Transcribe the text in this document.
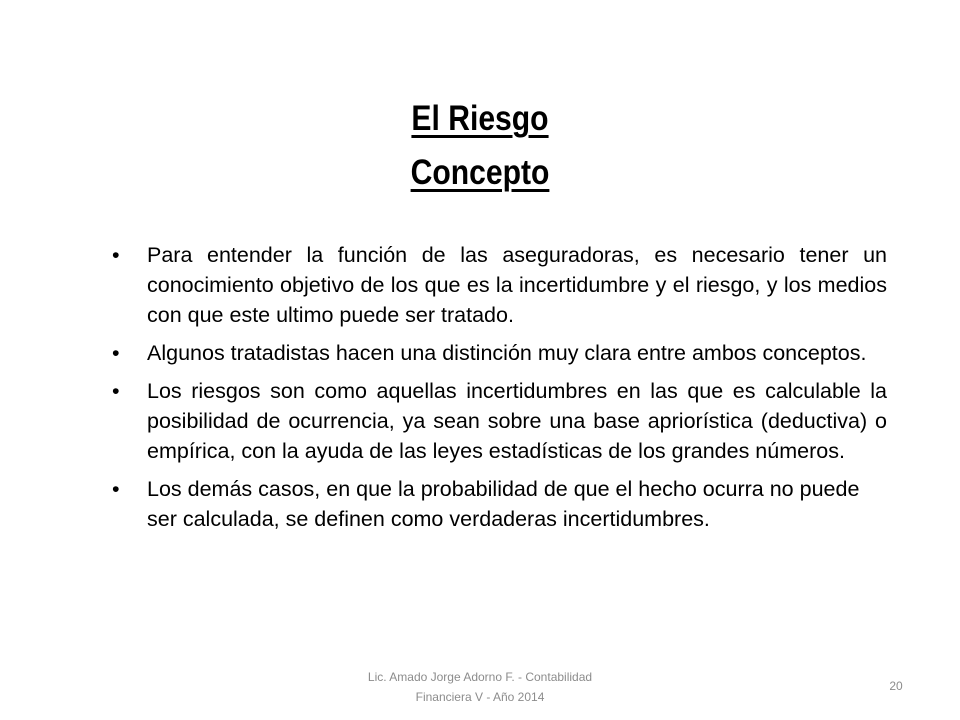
El Riesgo
Concepto
• Para entender la función de las aseguradoras, es necesario tener un conocimiento objetivo de los que es la incertidumbre y el riesgo, y los medios con que este ultimo puede ser tratado.
• Algunos tratadistas hacen una distinción muy clara entre ambos conceptos.
• Los riesgos son como aquellas incertidumbres en las que es calculable la posibilidad de ocurrencia, ya sean sobre una base apriorística (deductiva) o empírica, con la ayuda de las leyes estadísticas de los grandes números.
• Los demás casos, en que la probabilidad de que el hecho ocurra no puede ser calculada, se definen como verdaderas incertidumbres.
Lic. Amado Jorge Adorno F. - Contabilidad
Financiera V - Año 2014
20
